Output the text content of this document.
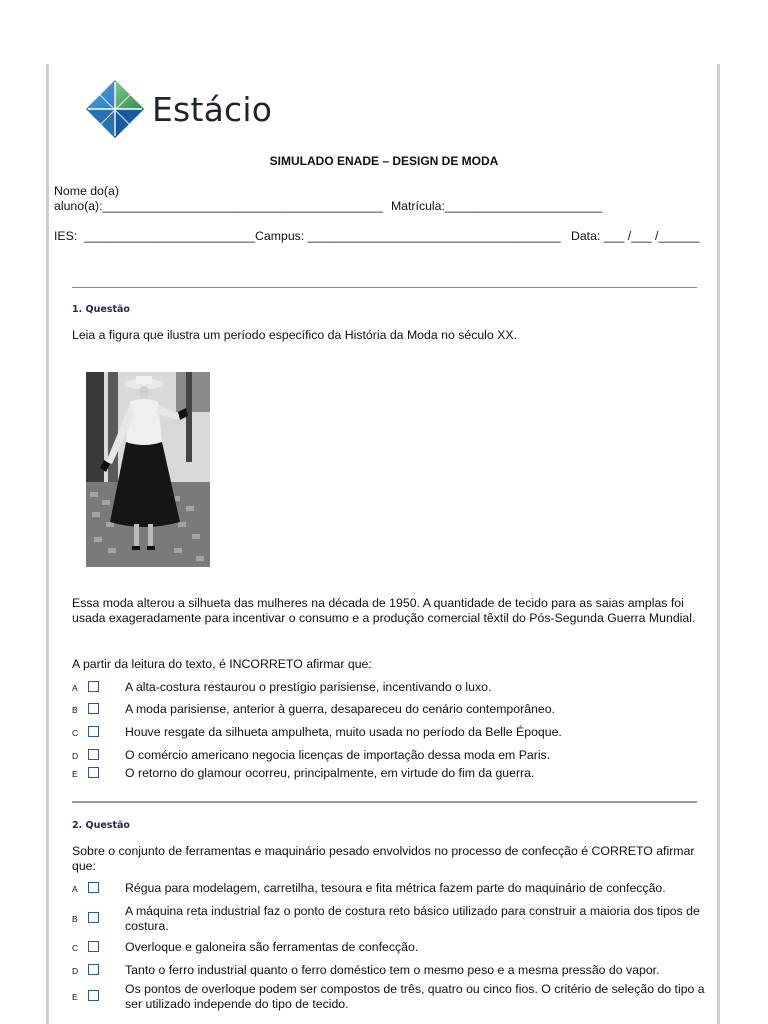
Estácio
SIMULADO ENADE – DESIGN DE MODA
Nome do(a)
aluno(a):_________________________________________ Matrícula:_______________________
IES:  _________________________Campus: _____________________________________   Data: ___ /___ /______
1. Questão
Leia a figura que ilustra um período específico da História da Moda no século XX.
Essa moda alterou a silhueta das mulheres na década de 1950. A quantidade de tecido para as saias amplas foi usada exageradamente para incentivar o consumo e a produção comercial têxtil do Pós-Segunda Guerra Mundial.
A partir da leitura do texto, é INCORRETO afirmar que:
A	A alta-costura restaurou o prestígio parisiense, incentivando o luxo.
B	A moda parisiense, anterior à guerra, desapareceu do cenário contemporâneo.
C	Houve resgate da silhueta ampulheta, muito usada no período da Belle Époque.
D	O comércio americano negocia licenças de importação dessa moda em Paris.
E	O retorno do glamour ocorreu, principalmente, em virtude do fim da guerra.
2. Questão
Sobre o conjunto de ferramentas e maquinário pesado envolvidos no processo de confecção é CORRETO afirmar que:
A	Régua para modelagem, carretilha, tesoura e fita métrica fazem parte do maquinário de confecção.
B
A máquina reta industrial faz o ponto de costura reto básico utilizado para construir a maioria dos tipos de costura.
C	Overloque e galoneira são ferramentas de confecção.
D	Tanto o ferro industrial quanto o ferro doméstico tem o mesmo peso e a mesma pressão do vapor.
E
Os pontos de overloque podem ser compostos de três, quatro ou cinco fios. O critério de seleção do tipo a ser utilizado independe do tipo de tecido.
